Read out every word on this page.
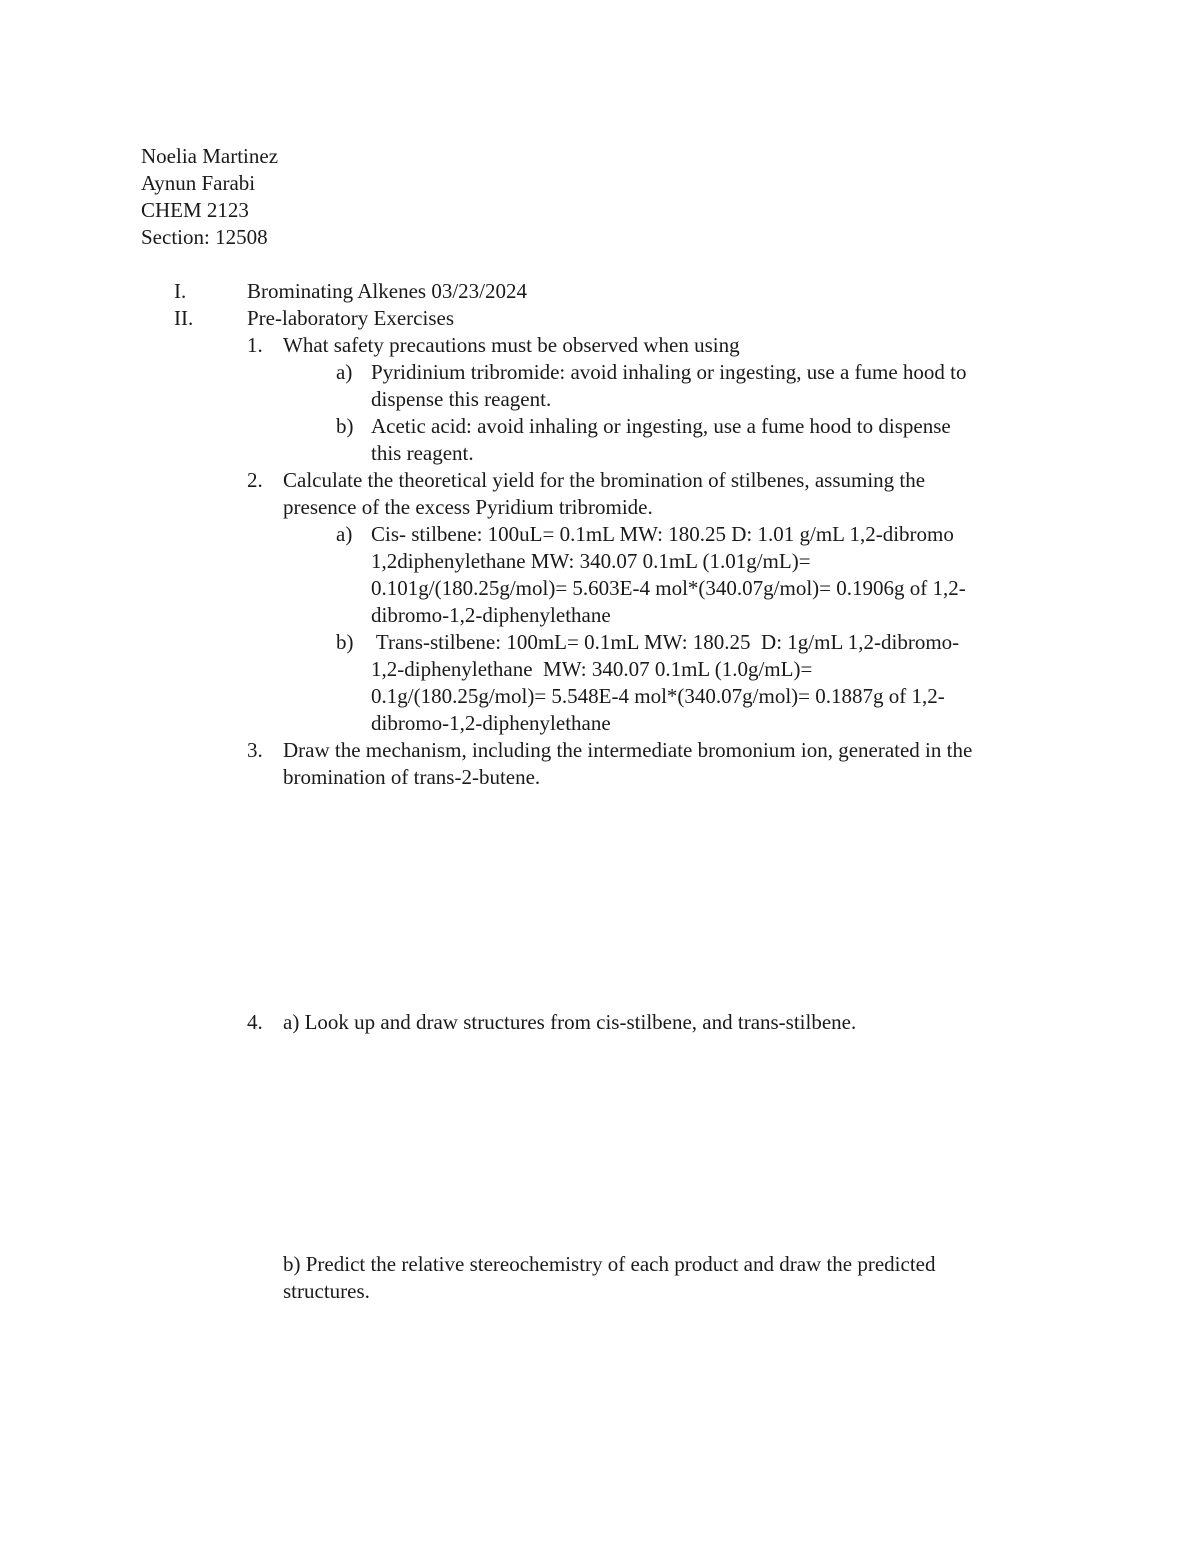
Noelia Martinez
Aynun Farabi
CHEM 2123
Section: 12508
I.	Brominating Alkenes 03/23/2024
II.	Pre-laboratory Exercises
1. What safety precautions must be observed when using
a) Pyridinium tribromide: avoid inhaling or ingesting, use a fume hood to
dispense this reagent.
b) Acetic acid: avoid inhaling or ingesting, use a fume hood to dispense
this reagent.
2. Calculate the theoretical yield for the bromination of stilbenes, assuming the
presence of the excess Pyridium tribromide.
a) Cis- stilbene: 100uL= 0.1mL MW: 180.25 D: 1.01 g/mL 1,2-dibromo
1,2diphenylethane MW: 340.07 0.1mL (1.01g/mL)=
0.101g/(180.25g/mol)= 5.603E-4 mol*(340.07g/mol)= 0.1906g of 1,2-
dibromo-1,2-diphenylethane
b) Trans-stilbene: 100mL= 0.1mL MW: 180.25  D: 1g/mL 1,2-dibromo-
1,2-diphenylethane  MW: 340.07 0.1mL (1.0g/mL)=
0.1g/(180.25g/mol)= 5.548E-4 mol*(340.07g/mol)= 0.1887g of 1,2-
dibromo-1,2-diphenylethane
3. Draw the mechanism, including the intermediate bromonium ion, generated in the
bromination of trans-2-butene.
4. a) Look up and draw structures from cis-stilbene, and trans-stilbene.
b) Predict the relative stereochemistry of each product and draw the predicted
structures.
